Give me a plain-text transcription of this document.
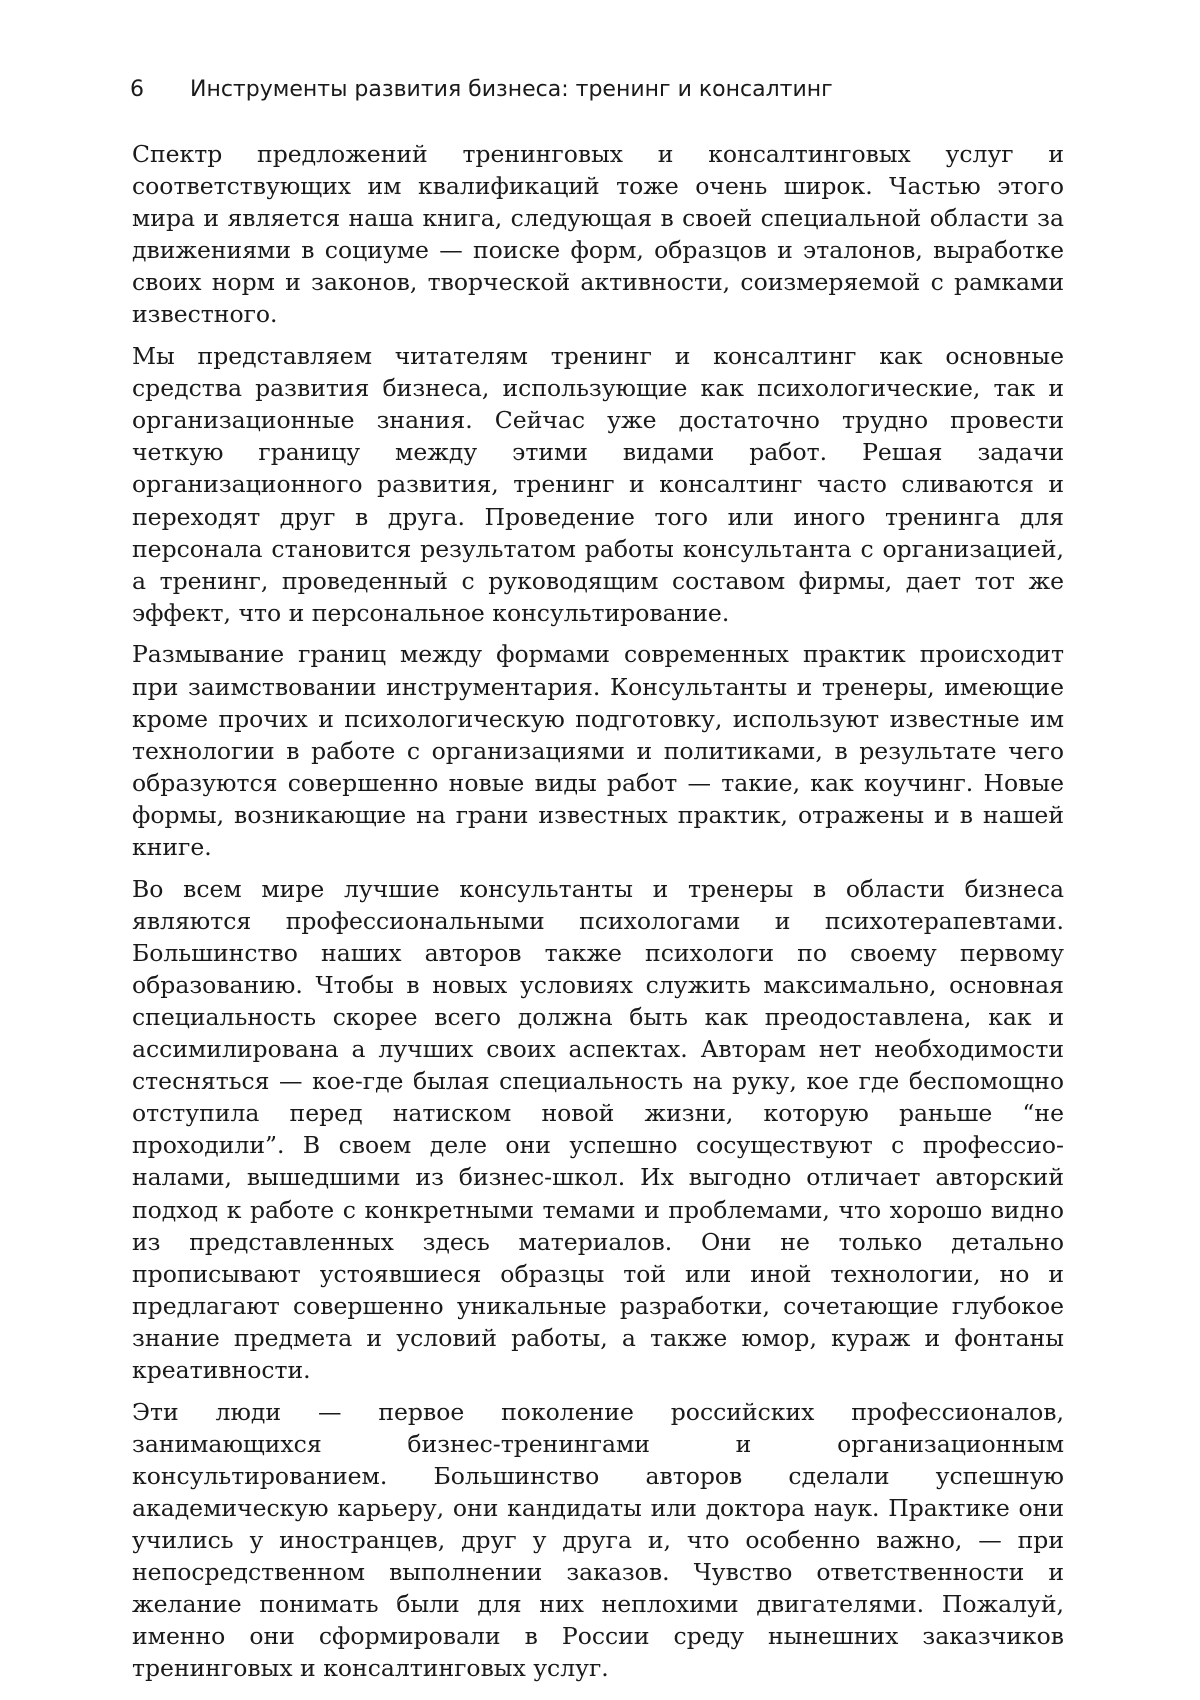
6 Инструменты развития бизнеса: тренинг и консалтинг

Спектр предложений тренинговых и консалтинговых услуг и соответствующих им квалификаций тоже очень широк. Частью этого мира и является наша книга, следующая в своей специальной области за движениями в социуме — поиске форм, образцов и эталонов, выработке своих норм и законов, творческой активности, соизмеряемой с рамками известного.

Мы представляем читателям тренинг и консалтинг как основные средства развития бизнеса, использующие как психологические, так и организационные знания. Сейчас уже достаточно трудно провести четкую границу между этими видами работ. Решая задачи организационного развития, тренинг и консалтинг часто сливаются и переходят друг в друга. Проведение того или иного тренинга для персонала становится результатом работы консультанта с организацией, а тренинг, проведенный с руководящим составом фирмы, дает тот же эффект, что и персональное консультирование.

Размывание границ между формами современных практик происходит при заимствовании инструментария. Консультанты и тренеры, имеющие кроме прочих и психологическую подготовку, используют известные им технологии в работе с организациями и политиками, в результате чего образуются совершенно новые виды работ — такие, как коучинг. Новые формы, возникающие на грани известных практик, отражены и в нашей книге.

Во всем мире лучшие консультанты и тренеры в области бизнеса являются профессиональными психологами и психотерапевтами. Большинство наших авторов также психологи по своему первому образованию. Чтобы в новых условиях служить максимально, основная специальность скорее всего должна быть как преодоставлена, как и ассимилирована а лучших своих аспектах. Авторам нет необходимости стесняться — кое-где былая специальность на руку, кое где беспомощно отступила перед натиском новой жизни, которую раньше “не проходили”. В своем деле они успешно сосуществуют с профессионалами, вышедшими из бизнес-школ. Их выгодно отличает авторский подход к работе с конкретными темами и проблемами, что хорошо видно из представленных здесь материалов. Они не только детально прописывают устоявшиеся образцы той или иной технологии, но и предлагают совершенно уникальные разработки, сочетающие глубокое знание предмета и условий работы, а также юмор, кураж и фонтаны креативности.

Эти люди — первое поколение российских профессионалов, занимающихся бизнес-тренингами и организационным консультированием. Большинство авторов сделали успешную академическую карьеру, они кандидаты или доктора наук. Практике они учились у иностранцев, друг у друга и, что особенно важно, — при непосредственном выполнении заказов. Чувство ответственности и желание понимать были для них неплохими двигателями. Пожалуй, именно они сформировали в России среду нынешних заказчиков тренинговых и консалтинговых услуг.
